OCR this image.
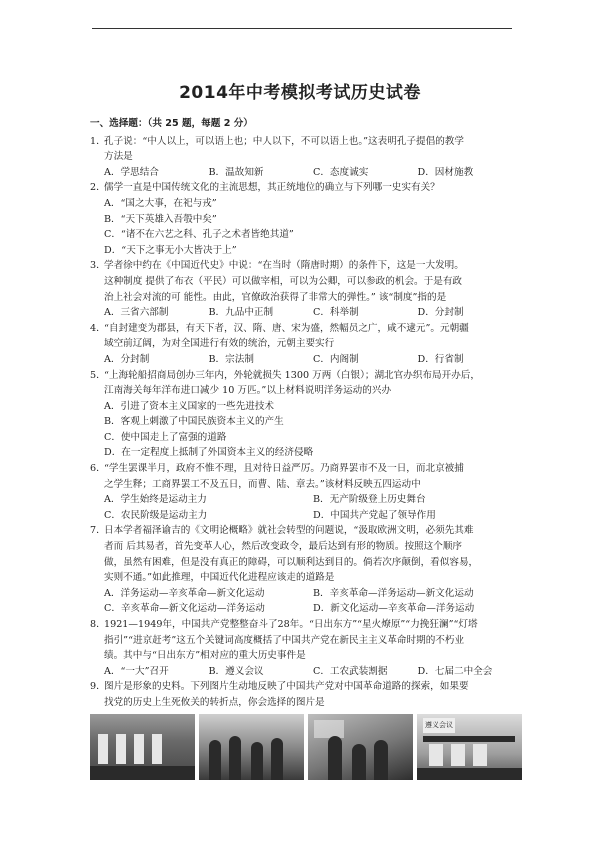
2014年中考模拟考试历史试卷
一、选择题：（共 25 题，每题 2 分）
1．
孔子说：“中人以上，可以语上也；中人以下，不可以语上也。”这表明孔子提倡的教学
方法是
A．学思结合	B．温故知新	C．态度诚实	D．因材施教
2．
儒学一直是中国传统文化的主流思想，其正统地位的确立与下列哪一史实有关？
A．“国之大事，在祀与戎”
B．“天下英雄入吾彀中矣”
C．“诸不在六艺之科、孔子之术者皆绝其道”
D．“天下之事无小大皆决于上”
3．
学者徐中约在《中国近代史》中说：“在当时（隋唐时期）的条件下，这是一大发明。
这种制度 提供了布衣（平民）可以做宰相，可以为公卿，可以参政的机会。于是有政
治上社会对流的可 能性。由此，官僚政治获得了非常大的弹性。” 该“制度”指的是
A．三省六部制	B．九品中正制	C．科举制	D．分封制
4．
“自封建变为郡县，有天下者，汉、隋、唐、宋为盛，然幅员之广，咸不逮元”。元朝疆
域空前辽阔，为对全国进行有效的统治，元朝主要实行
A．分封制	B．宗法制	C．内阁制	D．行省制
5．
“上海轮船招商局创办三年内，外轮就损失 1300 万两（白银）；湖北官办织布局开办后，
江南海关每年洋布进口减少 10 万匹。”以上材料说明洋务运动的兴办
A．引进了资本主义国家的一些先进技术
B．客观上刺激了中国民族资本主义的产生
C．使中国走上了富强的道路
D．在一定程度上抵制了外国资本主义的经济侵略
6．
“学生罢课半月，政府不惟不理，且对待日益严厉。乃商界罢市不及一日，而北京被捕
之学生释；工商界罢工不及五日，而曹、陆、章去。”该材料反映五四运动中
A．学生始终是运动主力	B．无产阶级登上历史舞台
C．农民阶级是运动主力	D．中国共产党起了领导作用
7．
日本学者福泽谕吉的《文明论概略》就社会转型的问题说，“汲取欧洲文明，必须先其难
者而 后其易者，首先变革人心，然后改变政令，最后达到有形的物质。按照这个顺序
做，虽然有困难，但是没有真正的障碍，可以顺利达到目的。倘若次序颠倒，看似容易，
实则不通。”如此推理，中国近代化进程应该走的道路是
A．洋务运动—辛亥革命—新文化运动	B．辛亥革命—洋务运动—新文化运动
C．辛亥革命—新文化运动—洋务运动	D．新文化运动—辛亥革命—洋务运动
8．
1921—1949年，中国共产党整整奋斗了28年。“日出东方”“星火燎原”“力挽狂澜”“灯塔
指引”“进京赶考”这五个关键词高度概括了中国共产党在新民主主义革命时期的不朽业
绩。其中与“日出东方”相对应的重大历史事件是
A．“一大”召开	B．遵义会议	C．工农武装割据	D．七届二中全会
9．
图片是形象的史料。下列图片生动地反映了中国共产党对中国革命道路的探索，如果要
找党的历史上生死攸关的转折点，你会选择的图片是
遵义会议
